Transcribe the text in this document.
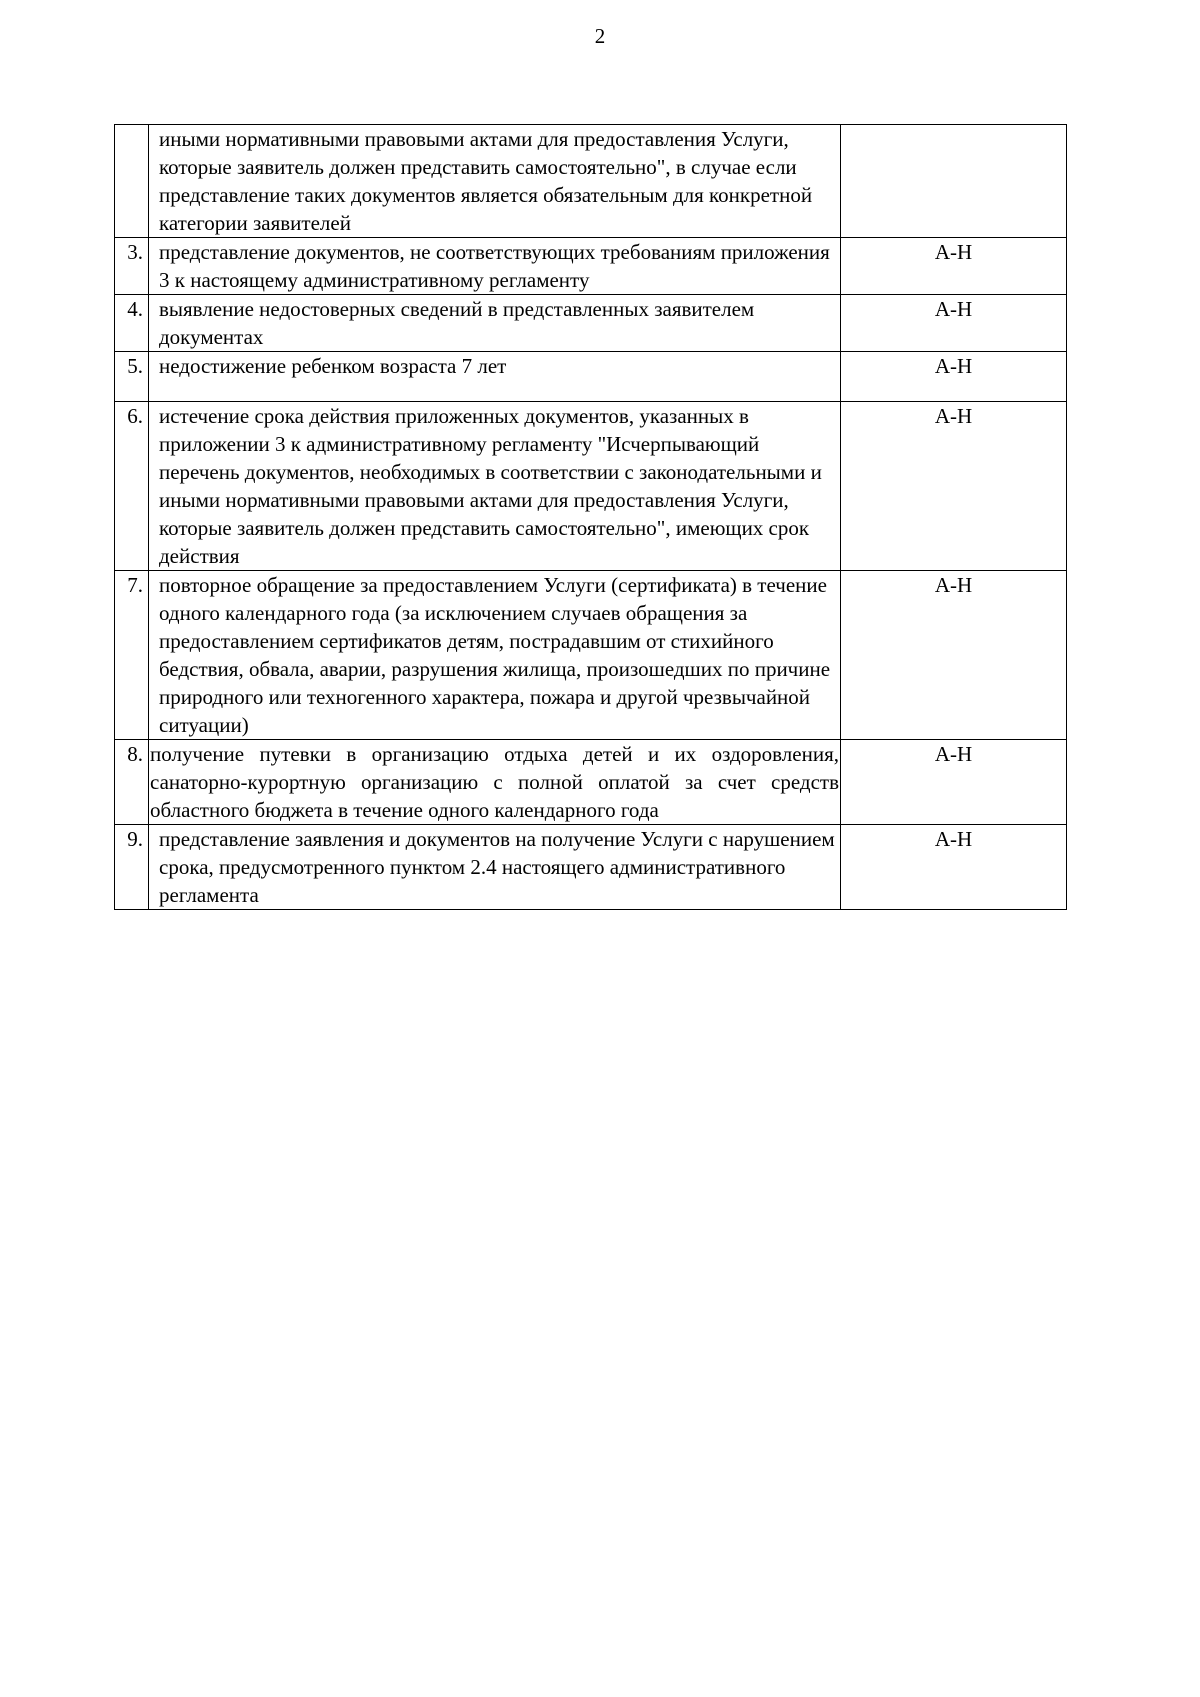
2
	иными нормативными правовыми актами для предоставления Услуги, которые заявитель должен представить самостоятельно", в случае если представление таких документов является обязательным для конкретной категории заявителей	
3.	представление документов, не соответствующих требованиям приложения 3 к настоящему административному регламенту	А-Н
4.	выявление недостоверных сведений в представленных заявителем документах	А-Н
5.	недостижение ребенком возраста 7 лет	А-Н
6.	истечение срока действия приложенных документов, указанных в приложении 3 к административному регламенту "Исчерпывающий перечень документов, необходимых в соответствии с законодательными и иными нормативными правовыми актами для предоставления Услуги, которые заявитель должен представить самостоятельно", имеющих срок действия	А-Н
7.	повторное обращение за предоставлением Услуги (сертификата) в течение одного календарного года (за исключением случаев обращения за предоставлением сертификатов детям, пострадавшим от стихийного бедствия, обвала, аварии, разрушения жилища, произошедших по причине природного или техногенного характера, пожара и другой чрезвычайной ситуации)	А-Н
8.	получение путевки в организацию отдыха детей и их оздоровления, санаторно-курортную организацию с полной оплатой за счет средств областного бюджета в течение одного календарного года	А-Н
9.	представление заявления и документов на получение Услуги с нарушением срока, предусмотренного пунктом 2.4 настоящего административного регламента	А-Н
